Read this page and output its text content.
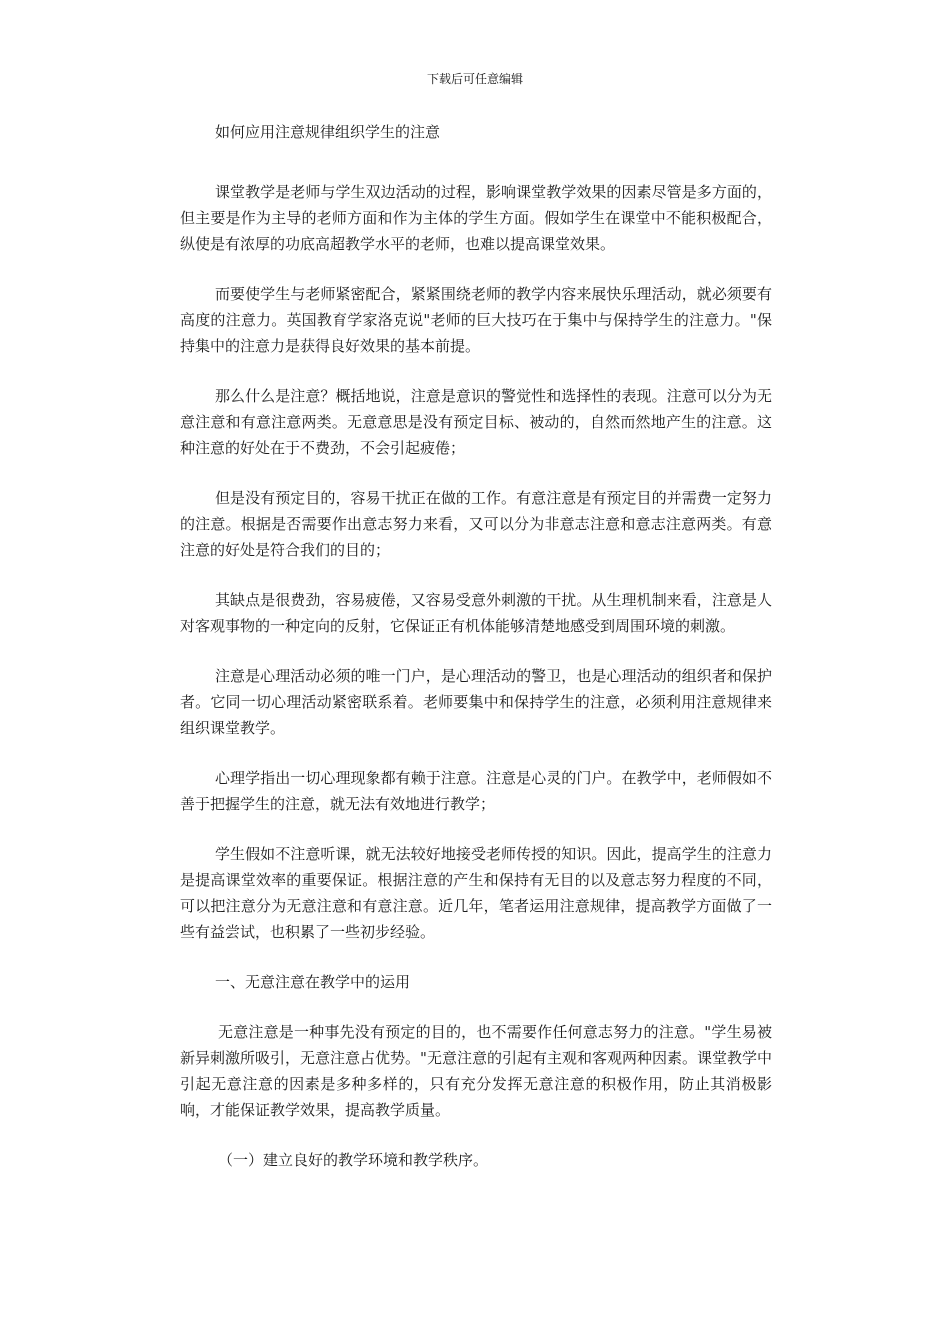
下载后可任意编辑

如何应用注意规律组织学生的注意

课堂教学是老师与学生双边活动的过程，影响课堂教学效果的因素尽管是多方面的，但主要是作为主导的老师方面和作为主体的学生方面。假如学生在课堂中不能积极配合，纵使是有浓厚的功底高超教学水平的老师，也难以提高课堂效果。

而要使学生与老师紧密配合，紧紧围绕老师的教学内容来展快乐理活动，就必须要有高度的注意力。英国教育学家洛克说"老师的巨大技巧在于集中与保持学生的注意力。"保持集中的注意力是获得良好效果的基本前提。

那么什么是注意？概括地说，注意是意识的警觉性和选择性的表现。注意可以分为无意注意和有意注意两类。无意意思是没有预定目标、被动的，自然而然地产生的注意。这种注意的好处在于不费劲，不会引起疲倦；

但是没有预定目的，容易干扰正在做的工作。有意注意是有预定目的并需费一定努力的注意。根据是否需要作出意志努力来看，又可以分为非意志注意和意志注意两类。有意注意的好处是符合我们的目的；

其缺点是很费劲，容易疲倦，又容易受意外刺激的干扰。从生理机制来看，注意是人对客观事物的一种定向的反射，它保证正有机体能够清楚地感受到周围环境的刺激。

注意是心理活动必须的唯一门户，是心理活动的警卫，也是心理活动的组织者和保护者。它同一切心理活动紧密联系着。老师要集中和保持学生的注意，必须利用注意规律来组织课堂教学。

心理学指出一切心理现象都有赖于注意。注意是心灵的门户。在教学中，老师假如不善于把握学生的注意，就无法有效地进行教学；

学生假如不注意听课，就无法较好地接受老师传授的知识。因此，提高学生的注意力是提高课堂效率的重要保证。根据注意的产生和保持有无目的以及意志努力程度的不同，可以把注意分为无意注意和有意注意。近几年，笔者运用注意规律，提高教学方面做了一些有益尝试，也积累了一些初步经验。

一、无意注意在教学中的运用

无意注意是一种事先没有预定的目的，也不需要作任何意志努力的注意。"学生易被新异刺激所吸引，无意注意占优势。"无意注意的引起有主观和客观两种因素。课堂教学中引起无意注意的因素是多种多样的，只有充分发挥无意注意的积极作用，防止其消极影响，才能保证教学效果，提高教学质量。

（一）建立良好的教学环境和教学秩序。
